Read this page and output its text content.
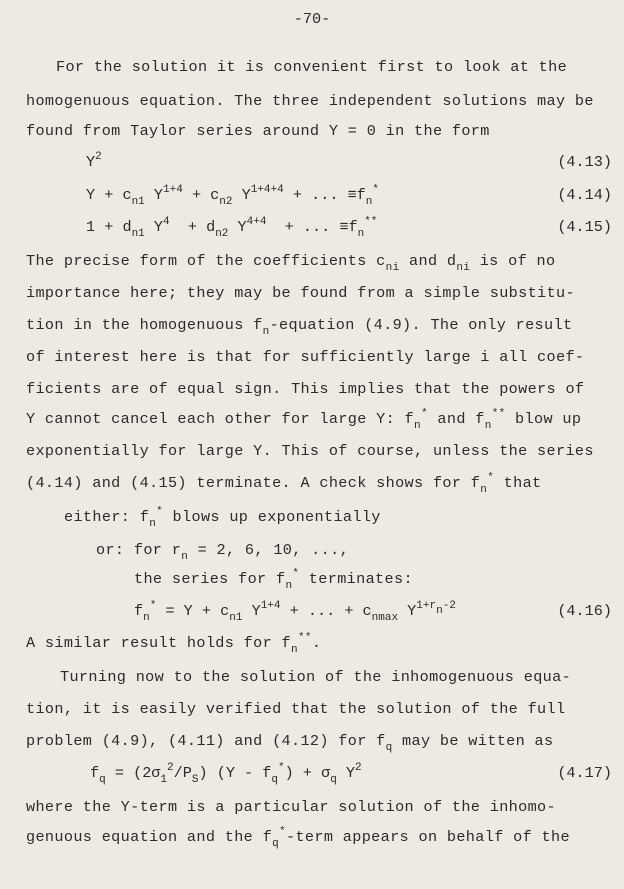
-70-
For the solution it is convenient first to look at the
homogenuous equation. The three independent solutions may be
found from Taylor series around Y = 0 in the form
$Y^2$	(4.13)
$Y + c_{n1}$ $Y^{1+4} + c_{n2}$ $Y^{1+4+4}$ + ... $\equiv f_n^*$	(4.14)
$1 + d_{n1}$ $Y^4 + d_{n2}$ $Y^{4+4}$  + ... $\equiv f_n^{**}$	(4.15)
The precise form of the coefficients $c_{ni}$ and $d_{ni}$ is of no
importance here; they may be found from a simple substitu-
tion in the homogenuous $f_n$-equation (4.9). The only result
of interest here is that for sufficiently large i all coef-
ficients are of equal sign. This implies that the powers of
Y cannot cancel each other for large Y: $f_n^*$ and $f_n^{**}$ blow up
exponentially for large Y. This of course, unless the series
(4.14) and (4.15) terminate. A check shows for $f_n^*$ that
either: $f_n^*$ blows up exponentially
or: for $r_n = 2$, 6, 10, ...,
the series for $f_n^*$ terminates:
$f_n^* = Y + c_{n1}$ $Y^{1+4}$ + ... + $c_{nmax}$ $Y^{1+r_n-2}$	(4.16)
A similar result holds for $f_n^{**}$.
Turning now to the solution of the inhomogenuous equa-
tion, it is easily verified that the solution of the full
problem (4.9), (4.11) and (4.12) for $f_q$ may be witten as
$f_q = (2\sigma_1^2/P_S)$ $(Y - f_q^*) + \sigma_q$ $Y^2$	(4.17)
where the Y-term is a particular solution of the inhomo-
genuous equation and the $f_q^*$-term appears on behalf of the
